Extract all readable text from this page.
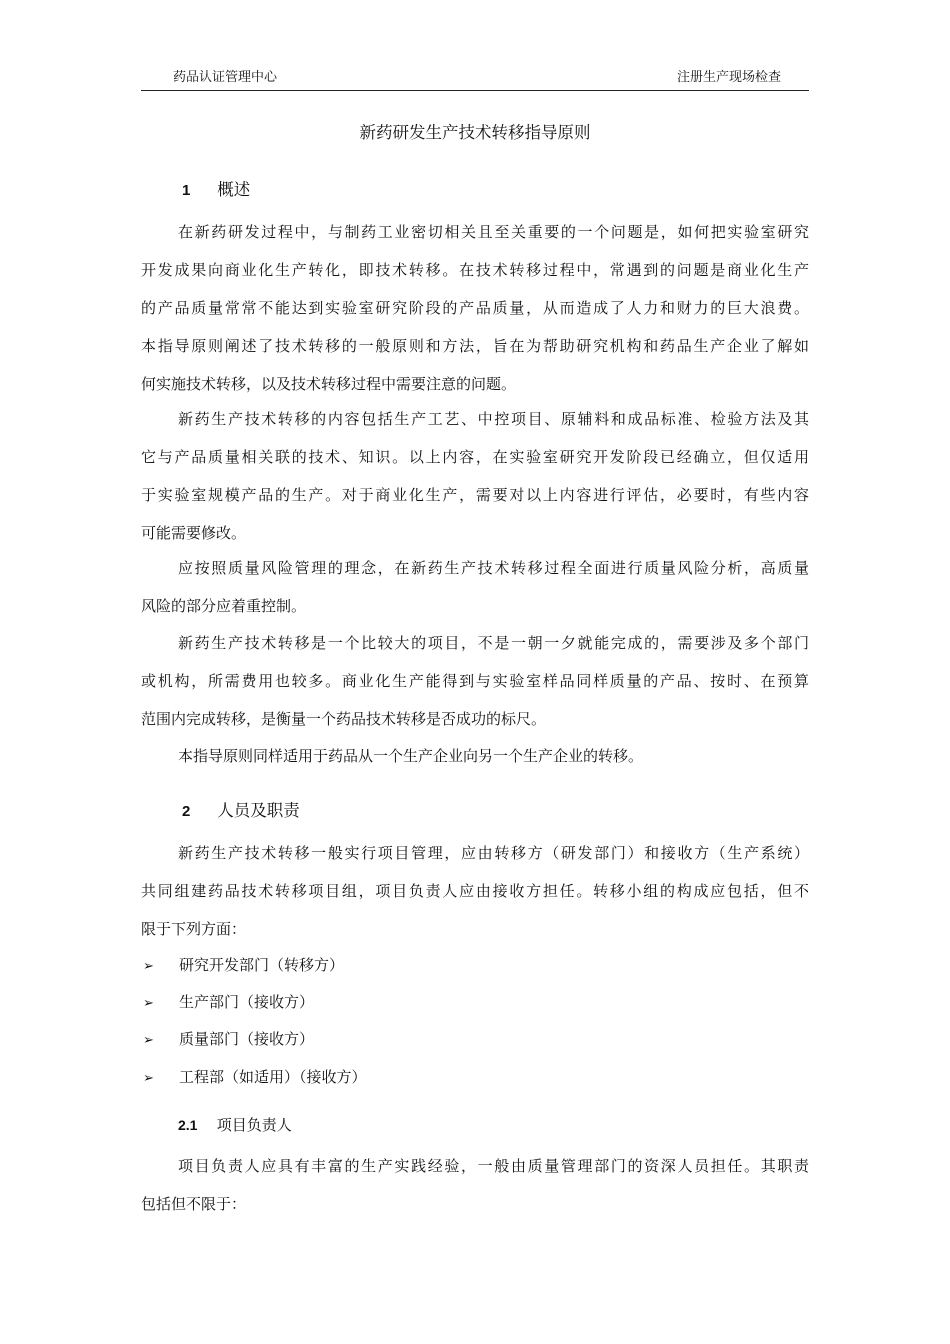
药品认证管理中心	注册生产现场检查
新药研发生产技术转移指导原则
1 概述
在新药研发过程中，与制药工业密切相关且至关重要的一个问题是，如何把实验室研究
开发成果向商业化生产转化，即技术转移。在技术转移过程中，常遇到的问题是商业化生产
的产品质量常常不能达到实验室研究阶段的产品质量，从而造成了人力和财力的巨大浪费。
本指导原则阐述了技术转移的一般原则和方法，旨在为帮助研究机构和药品生产企业了解如
何实施技术转移，以及技术转移过程中需要注意的问题。
新药生产技术转移的内容包括生产工艺、中控项目、原辅料和成品标准、检验方法及其
它与产品质量相关联的技术、知识。以上内容，在实验室研究开发阶段已经确立，但仅适用
于实验室规模产品的生产。对于商业化生产，需要对以上内容进行评估，必要时，有些内容
可能需要修改。
应按照质量风险管理的理念，在新药生产技术转移过程全面进行质量风险分析，高质量
风险的部分应着重控制。
新药生产技术转移是一个比较大的项目，不是一朝一夕就能完成的，需要涉及多个部门
或机构，所需费用也较多。商业化生产能得到与实验室样品同样质量的产品、按时、在预算
范围内完成转移，是衡量一个药品技术转移是否成功的标尺。
本指导原则同样适用于药品从一个生产企业向另一个生产企业的转移。
2 人员及职责
新药生产技术转移一般实行项目管理，应由转移方（研发部门）和接收方（生产系统）
共同组建药品技术转移项目组，项目负责人应由接收方担任。转移小组的构成应包括，但不
限于下列方面：
➢ 研究开发部门（转移方）
➢ 生产部门（接收方）
➢ 质量部门（接收方）
➢ 工程部（如适用）（接收方）
2.1 项目负责人
项目负责人应具有丰富的生产实践经验，一般由质量管理部门的资深人员担任。其职责
包括但不限于：
